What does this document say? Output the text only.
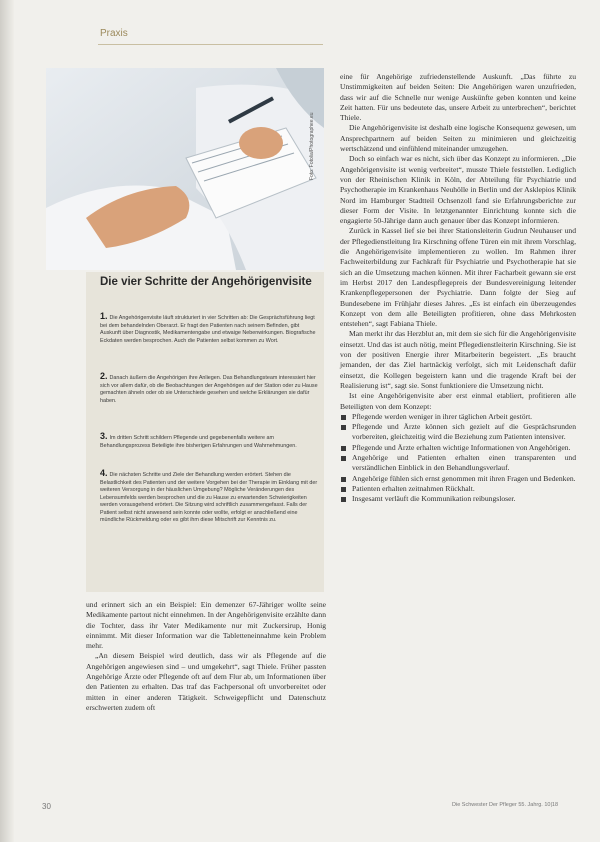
Praxis
Foto: Fotolia/Photographee.eu
Die vier Schritte der Angehörigenvisite

1. Die Angehörigenvisite läuft strukturiert in vier Schritten ab: Die Gesprächsführung liegt bei dem behandelnden Oberarzt. Er fragt den Patienten nach seinem Befinden, gibt Auskunft über Diagnostik, Medikamentengabe und etwaige Nebenwirkungen. Biografische Eckdaten werden besprochen. Auch die Patienten selbst kommen zu Wort.

2. Danach äußern die Angehörigen ihre Anliegen. Das Behandlungsteam interessiert hier sich vor allem dafür, ob die Beobachtungen der Angehörigen auf der Station oder zu Hause gemachten ähneln oder ob sie Unterschiede gesehen und welche Erklärungen sie dafür haben.

3. Im dritten Schritt schildern Pflegende und gegebenenfalls weitere am Behandlungsprozess Beteiligte ihre bisherigen Erfahrungen und Wahrnehmungen.

4. Die nächsten Schritte und Ziele der Behandlung werden erörtert. Stehen die Belastlichkeit des Patienten und der weitere Vorgehen bei der Therapie im Einklang mit der weiteren Versorgung in der häuslichen Umgebung? Mögliche Veränderungen des Lebensumfelds werden besprochen und die zu Hause zu erwartenden Schwierigkeiten werden vorausgehend erörtert. Die Sitzung wird schriftlich zusammengefasst. Falls der Patient selbst nicht anwesend sein konnte oder wollte, erfolgt er anschließend eine mündliche Rückmeldung oder es gibt ihm diese Mitschrift zur Kenntnis zu.

und erinnert sich an ein Beispiel: Ein demenzer 67-Jähriger wollte seine Medikamente partout nicht einnehmen. In der Angehörigenvisite erzählte dann die Tochter, dass ihr Vater Medikamente nur mit Zuckersirup, Honig einnimmt. Mit dieser Information war die Tabletteneinnahme kein Problem mehr.

„An diesem Beispiel wird deutlich, dass wir als Pflegende auf die Angehörigen angewiesen sind – und umgekehrt“, sagt Thiele. Früher passten Angehörige Ärzte oder Pflegende oft auf dem Flur ab, um Informationen über den Patienten zu erhalten. Das traf das Fachpersonal oft unvorbereitet oder mitten in einer anderen Tätigkeit. Schweigepflicht und Datenschutz erschwerten zudem oft

eine für Angehörige zufriedenstellende Auskunft. „Das führte zu Unstimmigkeiten auf beiden Seiten: Die Angehörigen waren unzufrieden, dass wir auf die Schnelle nur wenige Auskünfte geben konnten und keine Zeit hatten. Für uns bedeutete das, unsere Arbeit zu unterbrechen“, berichtet Thiele.

Die Angehörigenvisite ist deshalb eine logische Konsequenz gewesen, um Ansprechpartnern auf beiden Seiten zu minimieren und gleichzeitig wertschätzend und einfühlend miteinander umzugehen.

Doch so einfach war es nicht, sich über das Konzept zu informieren. „Die Angehörigenvisite ist wenig verbreitet“, musste Thiele feststellen. Lediglich von der Rheinischen Klinik in Köln, der Abteilung für Psychiatrie und Psychotherapie im Krankenhaus Neuhölle in Berlin und der Asklepios Klinik Nord im Hamburger Stadtteil Ochsenzoll fand sie Erfahrungsberichte zur dieser Form der Visite. In letztgenannter Einrichtung konnte sich die engagierte 50-Jährige dann auch genauer über das Konzept informieren.

Zurück in Kassel lief sie bei ihrer Stationsleiterin Gudrun Neuhauser und der Pflegedienstleitung Ira Kirschning offene Türen ein mit ihrem Vorschlag, die Angehörigenvisite implementieren zu wollen. Im Rahmen ihrer Fachweiterbildung zur Fachkraft für Psychiatrie und Psychotherapie hat sie sich an die Umsetzung machen können. Mit ihrer Facharbeit gewann sie erst im Herbst 2017 den Landespflegepreis der Bundesvereinigung leitender Krankenpflegepersonen der Psychiatrie. Dann folgte der Sieg auf Bundesebene im Frühjahr dieses Jahres. „Es ist einfach ein überzeugendes Konzept von dem alle Beteiligten profitieren, ohne dass Mehrkosten entstehen“, sagt Fabiana Thiele.

Man merkt ihr das Herzblut an, mit dem sie sich für die Angehörigenvisite einsetzt. Und das ist auch nötig, meint Pflegedienstleiterin Kirschning. Sie ist von der positiven Energie ihrer Mitarbeiterin begeistert. „Es braucht jemanden, der das Ziel hartnäckig verfolgt, sich mit Leidenschaft dafür einsetzt, die Kollegen begeistern kann und die tragende Kraft bei der Realisierung ist“, sagt sie. Sonst funktioniere die Umsetzung nicht.

Ist eine Angehörigenvisite aber erst einmal etabliert, profitieren alle Beteiligten von dem Konzept:

Pflegende werden weniger in ihrer täglichen Arbeit gestört.
Pflegende und Ärzte können sich gezielt auf die Gesprächsrunden vorbereiten, gleichzeitig wird die Beziehung zum Patienten intensiver.
Pflegende und Ärzte erhalten wichtige Informationen von Angehörigen.
Angehörige und Patienten erhalten einen transparenten und verständlichen Einblick in den Behandlungsverlauf.
Angehörige fühlen sich ernst genommen mit ihren Fragen und Bedenken.
Patienten erhalten zeitnahmen Rückhalt.
Insgesamt verläuft die Kommunikation reibungsloser.
30	Die Schwester Der Pfleger 55. Jahrg. 10|18
